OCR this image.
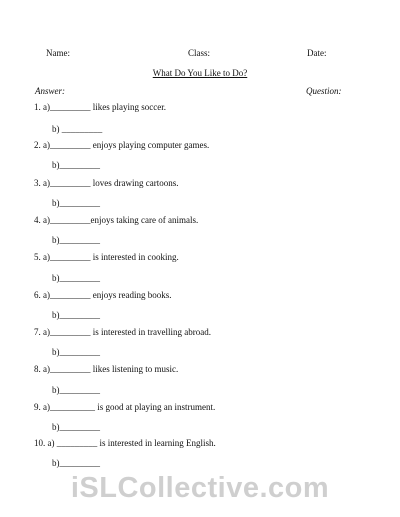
Name:	Class:	Date:
What Do You Like to Do?
Answer:	Question:
1. a)_________ likes playing soccer.
b) _________
2. a)_________ enjoys playing computer games.
b)_________
3. a)_________ loves drawing cartoons.
b)_________
4. a)_________enjoys taking care of animals.
b)_________
5. a)_________ is interested in cooking.
b)_________
6. a)_________ enjoys reading books.
b)_________
7. a)_________ is interested in travelling abroad.
b)_________
8. a)_________ likes listening to music.
b)_________
9. a)__________ is good at playing an instrument.
b)_________
10. a) _________ is interested in learning English.
b)_________
iSLCollective.com
